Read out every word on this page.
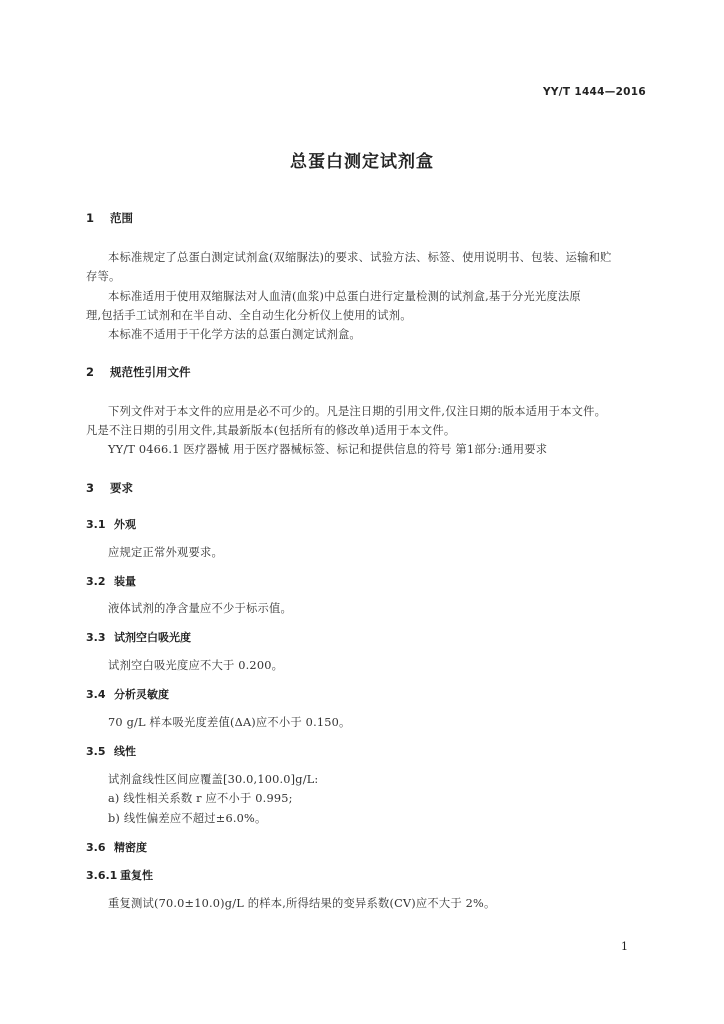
YY/T 1444—2016
总蛋白测定试剂盒
1 范围
本标准规定了总蛋白测定试剂盒(双缩脲法)的要求、试验方法、标签、使用说明书、包装、运输和贮
存等。
本标准适用于使用双缩脲法对人血清(血浆)中总蛋白进行定量检测的试剂盒,基于分光光度法原
理,包括手工试剂和在半自动、全自动生化分析仪上使用的试剂。
本标准不适用于干化学方法的总蛋白测定试剂盒。
2 规范性引用文件
下列文件对于本文件的应用是必不可少的。凡是注日期的引用文件,仅注日期的版本适用于本文件。
凡是不注日期的引用文件,其最新版本(包括所有的修改单)适用于本文件。
YY/T 0466.1 医疗器械 用于医疗器械标签、标记和提供信息的符号 第1部分:通用要求
3 要求
3.1 外观
应规定正常外观要求。
3.2 装量
液体试剂的净含量应不少于标示值。
3.3 试剂空白吸光度
试剂空白吸光度应不大于 0.200。
3.4 分析灵敏度
70 g/L 样本吸光度差值(ΔA)应不小于 0.150。
3.5 线性
试剂盒线性区间应覆盖[30.0,100.0]g/L:
a) 线性相关系数 r 应不小于 0.995;
b) 线性偏差应不超过±6.0%。
3.6 精密度
3.6.1 重复性
重复测试(70.0±10.0)g/L 的样本,所得结果的变异系数(CV)应不大于 2%。
1
